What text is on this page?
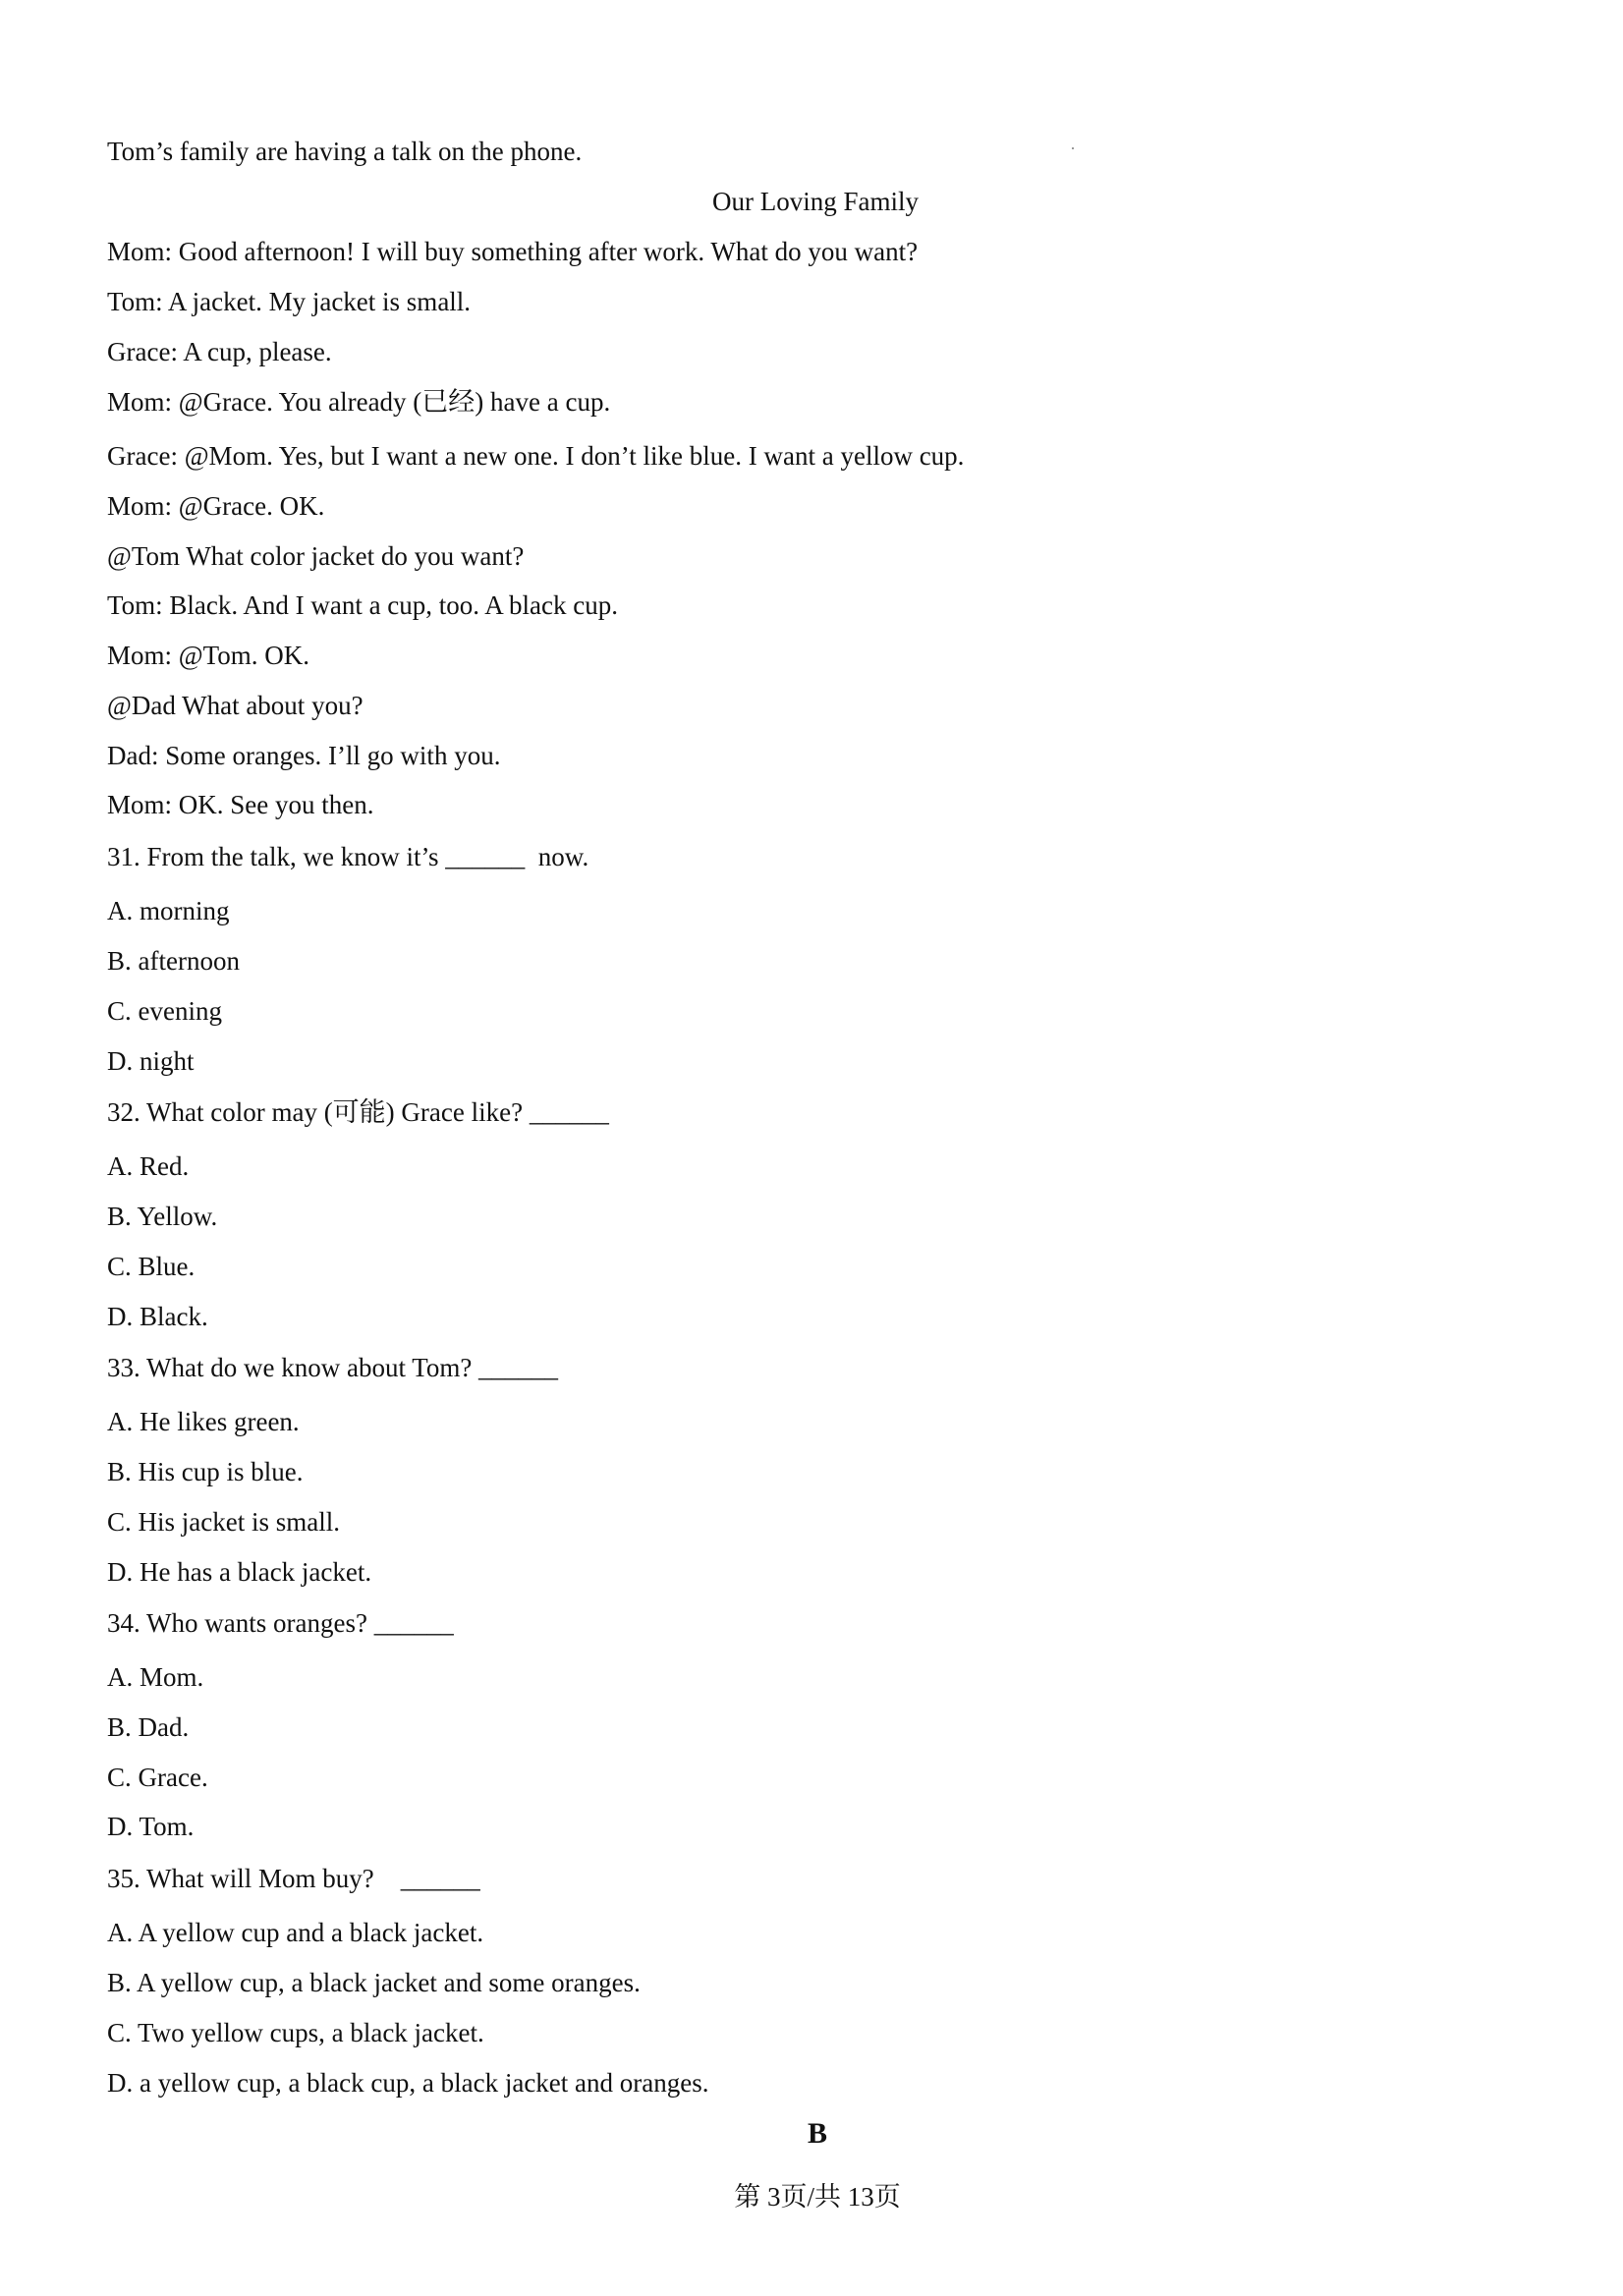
Tom’s family are having a talk on the phone.
Our Loving Family
Mom: Good afternoon! I will buy something after work. What do you want?
Tom: A jacket. My jacket is small.
Grace: A cup, please.
Mom: @Grace. You already (已经) have a cup.
Grace: @Mom. Yes, but I want a new one. I don’t like blue. I want a yellow cup.
Mom: @Grace. OK.
@Tom What color jacket do you want?
Tom: Black. And I want a cup, too. A black cup.
Mom: @Tom. OK.
@Dad What about you?
Dad: Some oranges. I’ll go with you.
Mom: OK. See you then.
31. From the talk, we know it’s ______  now.
A. morning
B. afternoon
C. evening
D. night
32. What color may (可能) Grace like? ______
A. Red.
B. Yellow.
C. Blue.
D. Black.
33. What do we know about Tom? ______
A. He likes green.
B. His cup is blue.
C. His jacket is small.
D. He has a black jacket.
34. Who wants oranges? ______
A. Mom.
B. Dad.
C. Grace.
D. Tom.
35. What will Mom buy?    ______
A. A yellow cup and a black jacket.
B. A yellow cup, a black jacket and some oranges.
C. Two yellow cups, a black jacket.
D. a yellow cup, a black cup, a black jacket and oranges.
B
第 3页/共 13页
